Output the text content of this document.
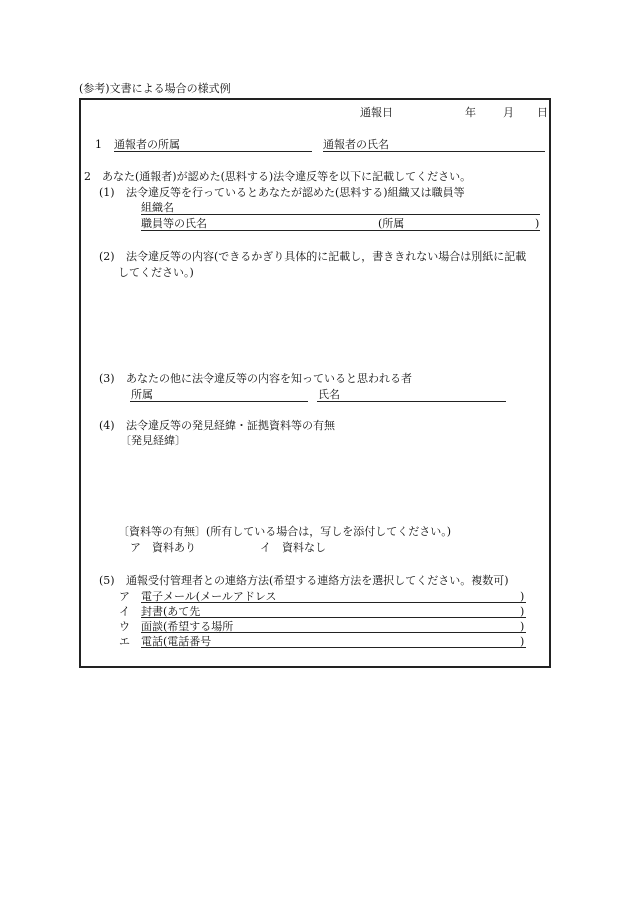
(参考)文書による場合の様式例
通報日	年 月 日
1 通報者の所属	通報者の氏名
2　あなた(通報者)が認めた(思料する)法令違反等を以下に記載してください。
(1) 法令違反等を行っているとあなたが認めた(思料する)組織又は職員等
組織名
職員等の氏名	(所属	)
(2) 法令違反等の内容(できるかぎり具体的に記載し，書ききれない場合は別紙に記載
してください。)
(3) あなたの他に法令違反等の内容を知っていると思われる者
所属	氏名
(4) 法令違反等の発見経緯・証拠資料等の有無
〔発見経緯〕
〔資料等の有無〕(所有している場合は，写しを添付してください。)
ア　資料あり	イ　資料なし
(5) 通報受付管理者との連絡方法(希望する連絡方法を選択してください。複数可)
ア 電子メール(メールアドレス	)
イ 封書(あて先	)
ウ 面談(希望する場所	)
エ 電話(電話番号	)
